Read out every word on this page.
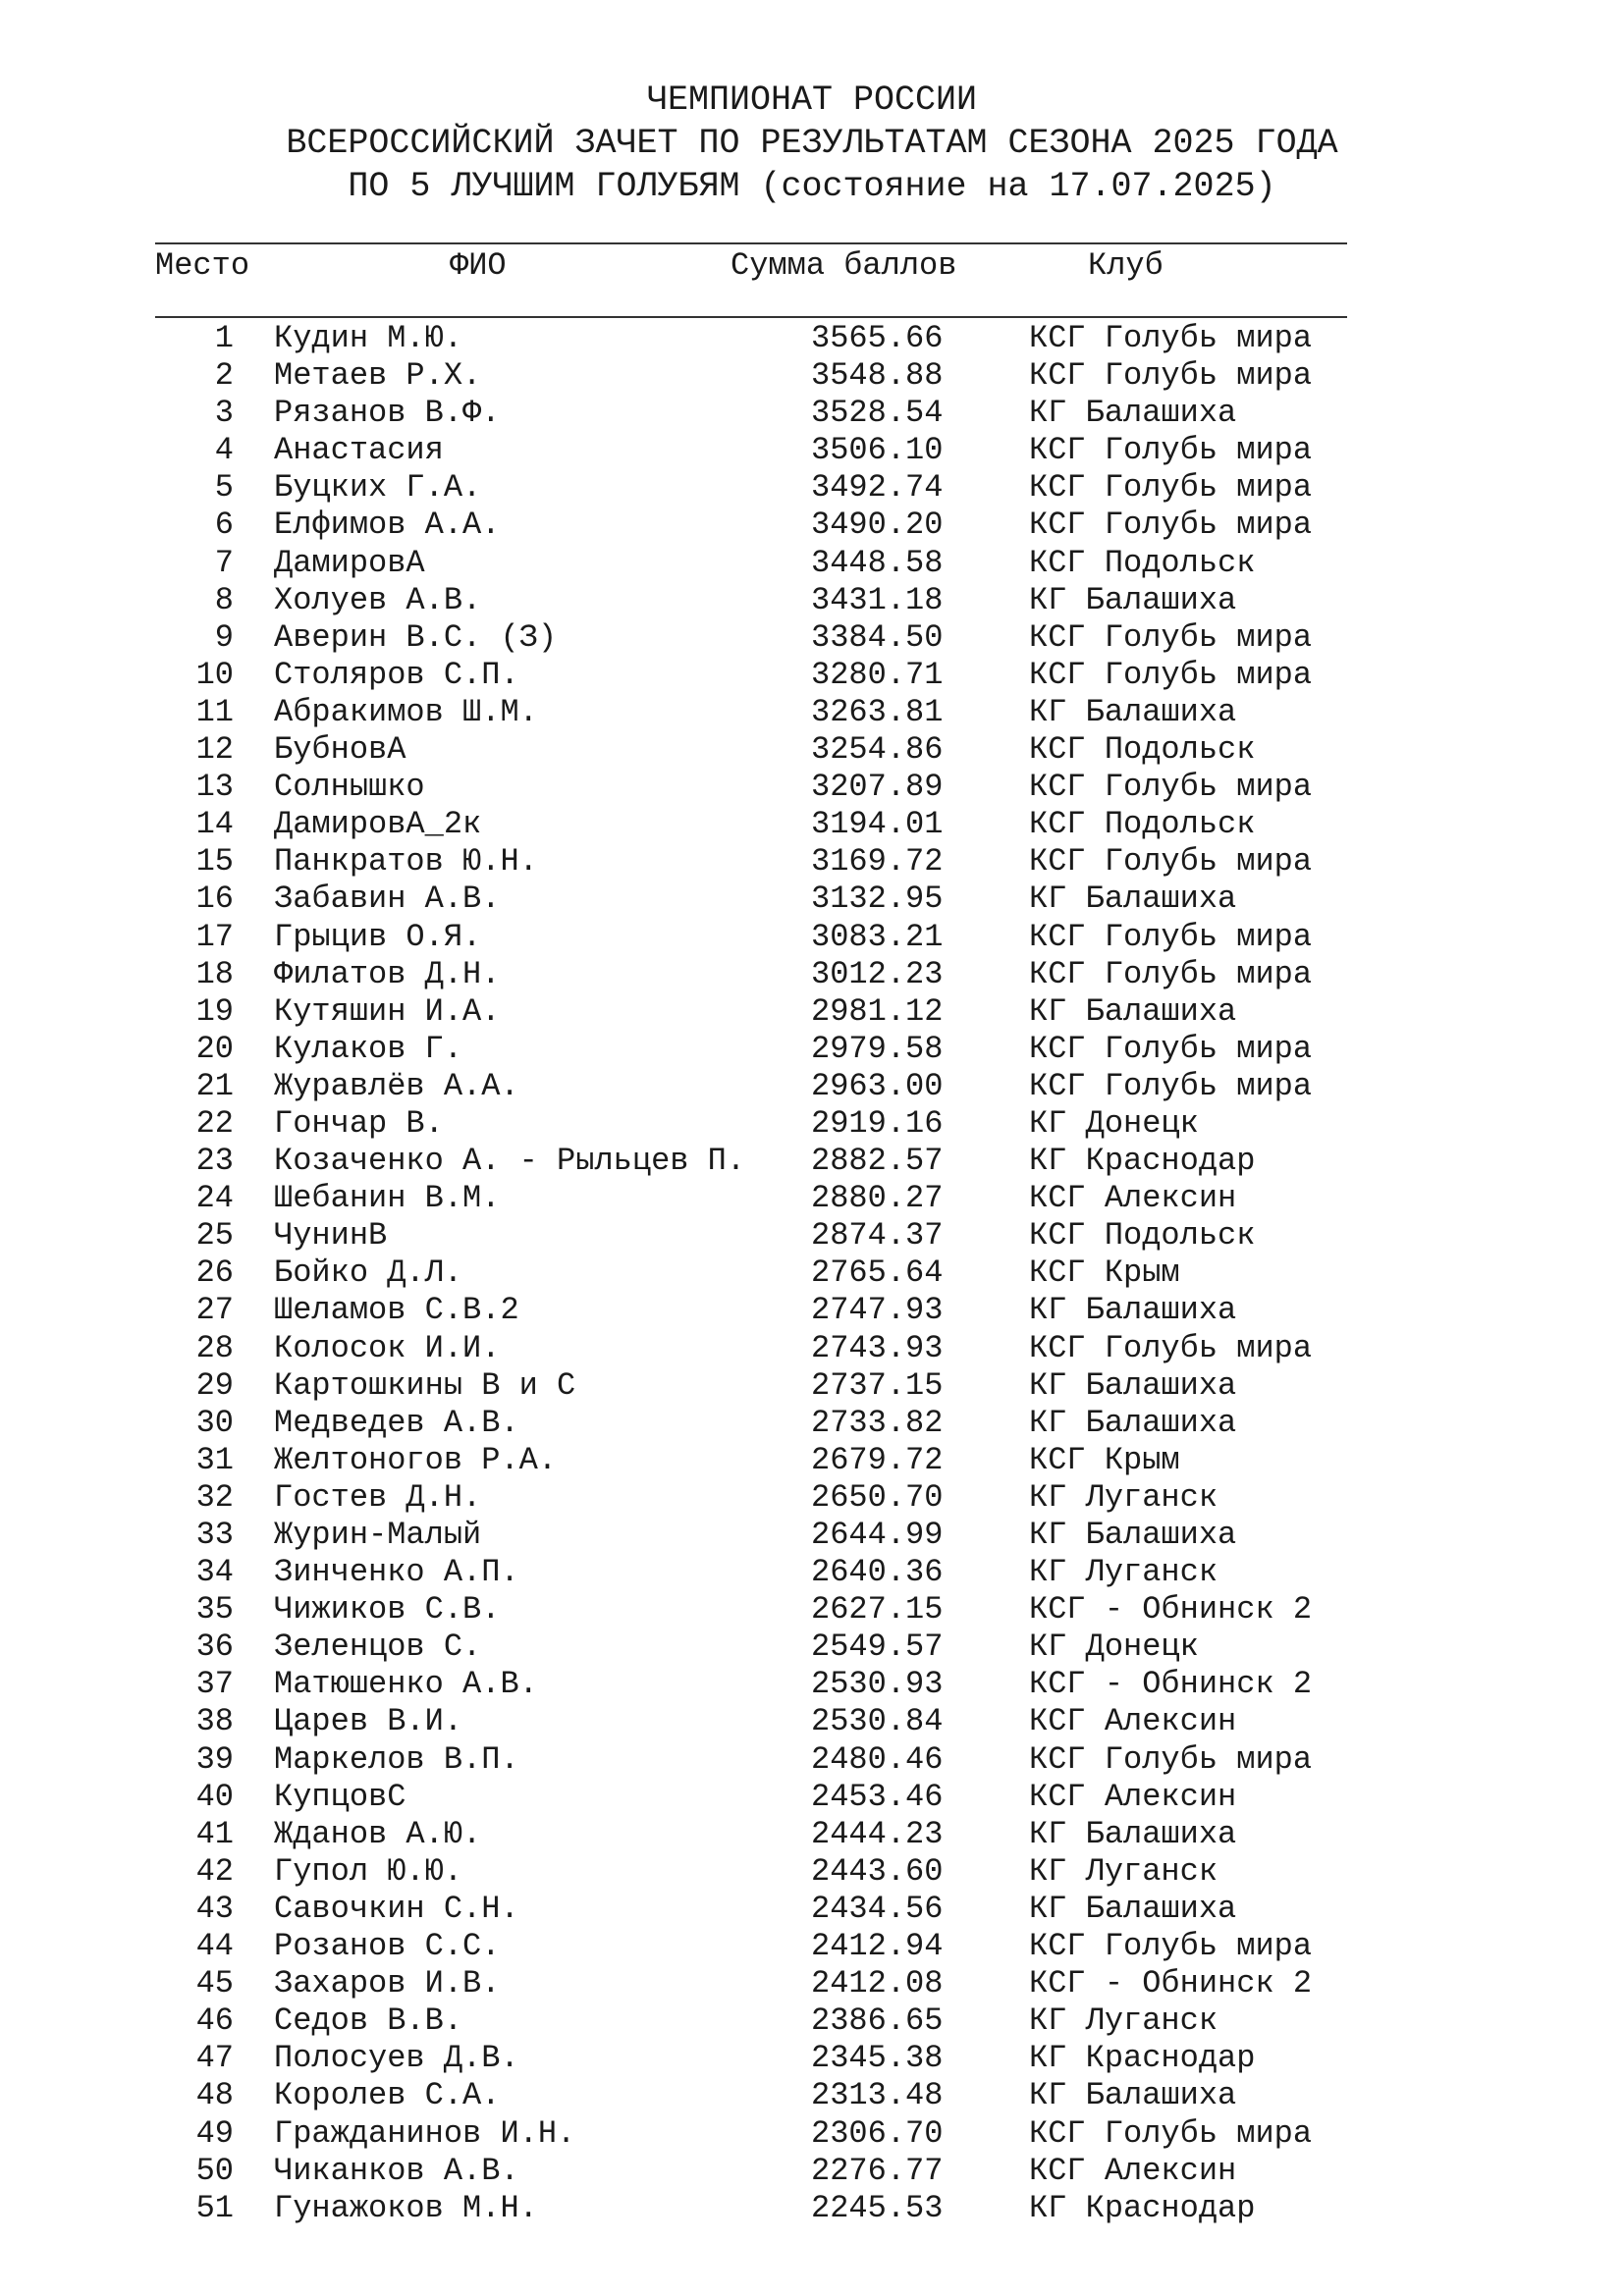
ЧЕМПИОНАТ РОССИИ
ВСЕРОССИЙСКИЙ ЗАЧЕТ ПО РЕЗУЛЬТАТАМ СЕЗОНА 2025 ГОДА
ПО 5 ЛУЧШИМ ГОЛУБЯМ (состояние на 17.07.2025)
Место	ФИО	Сумма баллов	Клуб
1 Кудин М.Ю.	3565.66	КСГ Голубь мира
2 Метаев Р.Х.	3548.88	КСГ Голубь мира
3 Рязанов В.Ф.	3528.54	КГ Балашиха
4 Анастасия	3506.10	КСГ Голубь мира
5 Буцких Г.А.	3492.74	КСГ Голубь мира
6 Елфимов А.А.	3490.20	КСГ Голубь мира
7 ДамировА	3448.58	КСГ Подольск
8 Холуев А.В.	3431.18	КГ Балашиха
9 Аверин В.С. (З)	3384.50	КСГ Голубь мира
10 Столяров С.П.	3280.71	КСГ Голубь мира
11 Абракимов Ш.М.	3263.81	КГ Балашиха
12 БубновА	3254.86	КСГ Подольск
13 Солнышко	3207.89	КСГ Голубь мира
14 ДамировА_2к	3194.01	КСГ Подольск
15 Панкратов Ю.Н.	3169.72	КСГ Голубь мира
16 Забавин А.В.	3132.95	КГ Балашиха
17 Грыцив О.Я.	3083.21	КСГ Голубь мира
18 Филатов Д.Н.	3012.23	КСГ Голубь мира
19 Кутяшин И.А.	2981.12	КГ Балашиха
20 Кулаков Г.	2979.58	КСГ Голубь мира
21 Журавлёв А.А.	2963.00	КСГ Голубь мира
22 Гончар В.	2919.16	КГ Донецк
23 Козаченко А. - Рыльцев П. 2882.57	КГ Краснодар
24 Шебанин В.М.	2880.27	КСГ Алексин
25 ЧунинВ	2874.37	КСГ Подольск
26 Бойко Д.Л.	2765.64	КСГ Крым
27 Шеламов С.В.2	2747.93	КГ Балашиха
28 Колосок И.И.	2743.93	КСГ Голубь мира
29 Картошкины В и С	2737.15	КГ Балашиха
30 Медведев А.В.	2733.82	КГ Балашиха
31 Желтоногов Р.А.	2679.72	КСГ Крым
32 Гостев Д.Н.	2650.70	КГ Луганск
33 Журин-Малый	2644.99	КГ Балашиха
34 Зинченко А.П.	2640.36	КГ Луганск
35 Чижиков С.В.	2627.15	КСГ - Обнинск 2
36 Зеленцов С.	2549.57	КГ Донецк
37 Матюшенко А.В.	2530.93	КСГ - Обнинск 2
38 Царев В.И.	2530.84	КСГ Алексин
39 Маркелов В.П.	2480.46	КСГ Голубь мира
40 КупцовС	2453.46	КСГ Алексин
41 Жданов А.Ю.	2444.23	КГ Балашиха
42 Гупол Ю.Ю.	2443.60	КГ Луганск
43 Савочкин С.Н.	2434.56	КГ Балашиха
44 Розанов С.С.	2412.94	КСГ Голубь мира
45 Захаров И.В.	2412.08	КСГ - Обнинск 2
46 Седов В.В.	2386.65	КГ Луганск
47 Полосуев Д.В.	2345.38	КГ Краснодар
48 Королев С.А.	2313.48	КГ Балашиха
49 Гражданинов И.Н.	2306.70	КСГ Голубь мира
50 Чиканков А.В.	2276.77	КСГ Алексин
51 Гунажоков М.Н.	2245.53	КГ Краснодар
